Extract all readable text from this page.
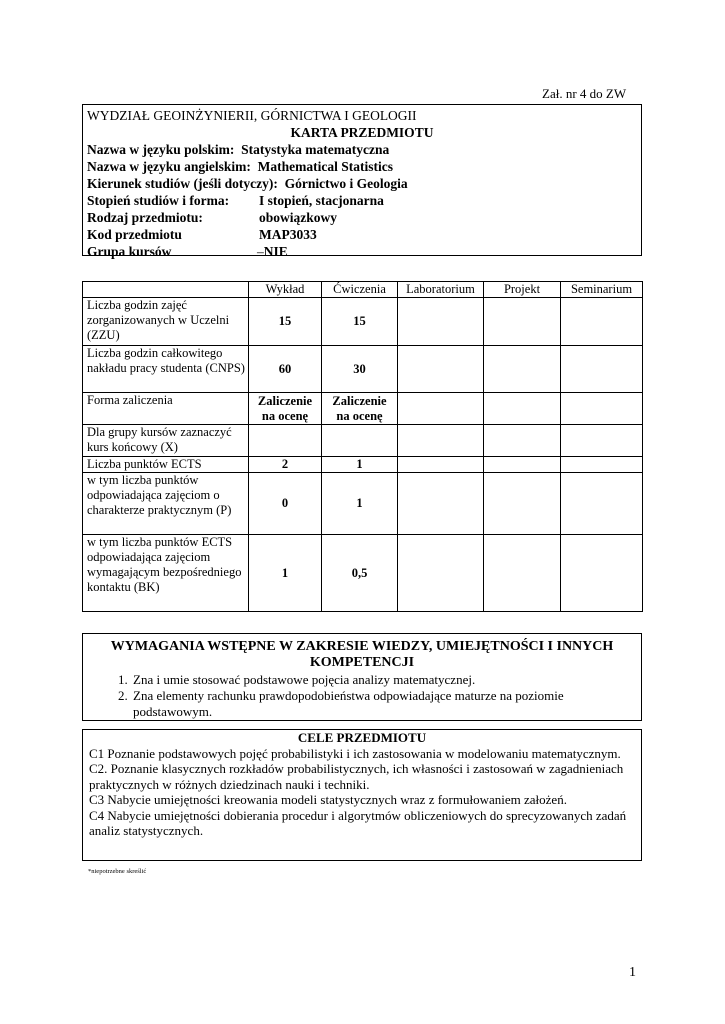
Zał. nr 4 do ZW
WYDZIAŁ GEOINŻYNIERII, GÓRNICTWA I GEOLOGII
KARTA PRZEDMIOTU
Nazwa w języku polskim:
Statystyka matematyczna
Nazwa w języku angielskim:
Mathematical Statistics
Kierunek studiów (jeśli dotyczy):
Górnictwo i Geologia
Stopień studiów i forma:	I stopień, stacjonarna
Rodzaj przedmiotu:	obowiązkowy
Kod przedmiotu	MAP3033
Grupa kursów	– NIE
	Wykład	Ćwiczenia	Laboratorium	Projekt	Seminarium
Liczba godzin zajęć zorganizowanych w Uczelni (ZZU)	15	15			
Liczba godzin całkowitego nakładu pracy studenta (CNPS)	60	30			
Forma zaliczenia	Zaliczenie na ocenę	Zaliczenie na ocenę			
Dla grupy kursów zaznaczyć kurs końcowy (X)					
Liczba punktów ECTS	2	1			
w tym liczba punktów odpowiadająca zajęciom o charakterze praktycznym (P)	0	1			
w tym liczba punktów ECTS odpowiadająca zajęciom wymagającym bezpośredniego kontaktu (BK)	1	0,5			
WYMAGANIA WSTĘPNE W ZAKRESIE WIEDZY, UMIEJĘTNOŚCI I INNYCH KOMPETENCJI
1. Zna i umie stosować podstawowe pojęcia analizy matematycznej.
2. Zna elementy rachunku prawdopodobieństwa odpowiadające maturze na poziomie podstawowym.
CELE PRZEDMIOTU
C1 Poznanie podstawowych pojęć probabilistyki i ich zastosowania w modelowaniu matematycznym.
C2. Poznanie klasycznych rozkładów probabilistycznych, ich własności i zastosowań w zagadnieniach praktycznych w różnych dziedzinach nauki i techniki.
C3 Nabycie umiejętności kreowania modeli statystycznych wraz z formułowaniem założeń.
C4 Nabycie umiejętności dobierania procedur i algorytmów obliczeniowych do sprecyzowanych zadań analiz statystycznych.
*niepotrzebne skreślić
1
